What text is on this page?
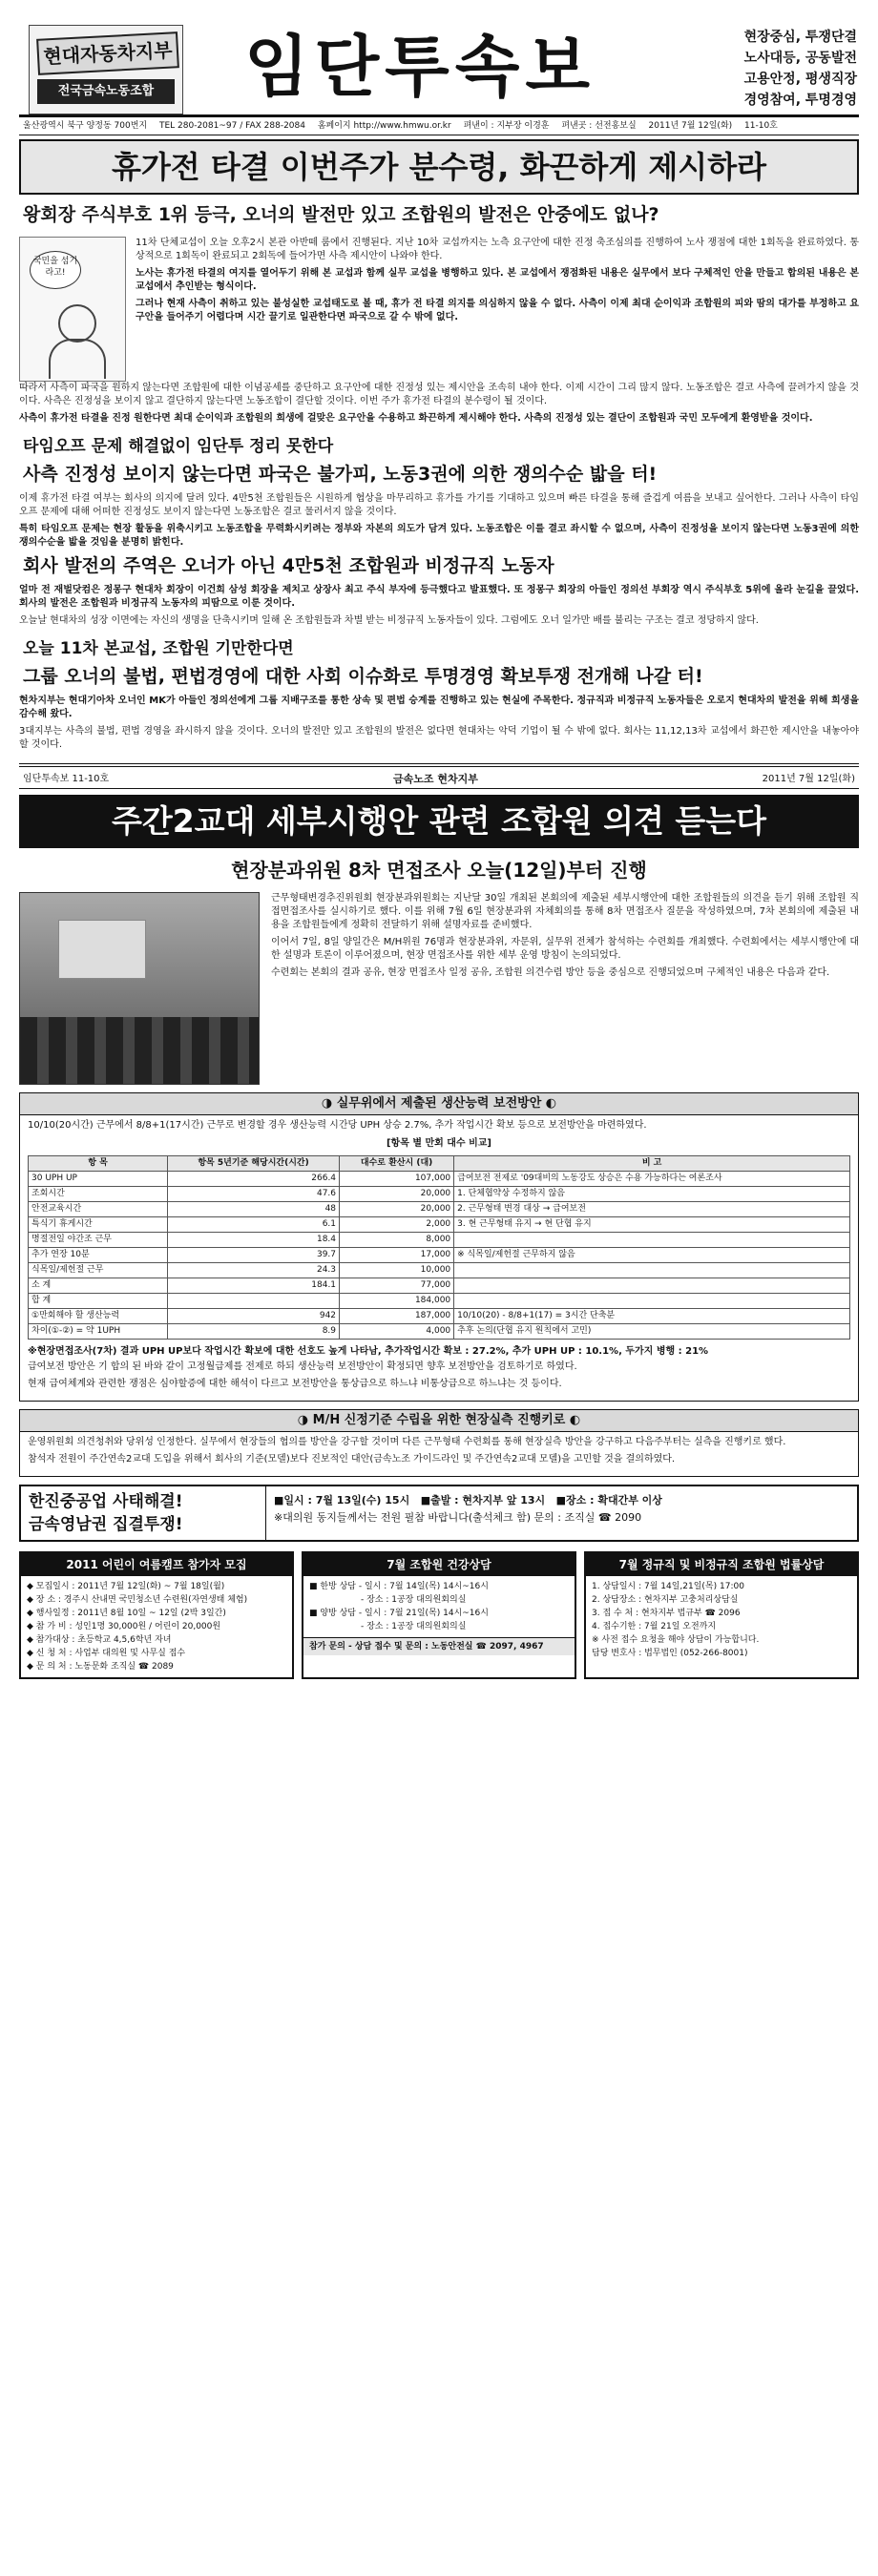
현대자동차지부
전국금속노동조합	임단투속보	현장중심, 투쟁단결
노사대등, 공동발전
고용안정, 평생직장
경영참여, 투명경영
울산광역시 북구 양정동 700번지 TEL 280-2081~97 / FAX 288-2084 홈페이지 http://www.hmwu.or.kr 펴낸이 : 지부장 이경훈 펴낸곳 : 선전홍보실 2011년 7월 12일(화) 11-10호
휴가전 타결 이번주가 분수령, 화끈하게 제시하라
왕회장 주식부호 1위 등극, 오너의 발전만 있고 조합원의 발전은 안중에도 없나?
국민을 섬기라고!

11차 단체교섭이 오늘 오후2시 본관 아반떼 룸에서 진행된다. 지난 10차 교섭까지는 노측 요구안에 대한 진정 축조심의를 진행하여 노사 쟁점에 대한 1회독을 완료하였다. 통상적으로 1회독이 완료되고 2회독에 들어가면 사측 제시안이 나와야 한다.

노사는 휴가전 타결의 여지를 열어두기 위해 본 교섭과 함께 실무 교섭을 병행하고 있다. 본 교섭에서 쟁점화된 내용은 실무에서 보다 구체적인 안을 만들고 합의된 내용은 본 교섭에서 추인받는 형식이다.

그러나 현재 사측이 취하고 있는 불성실한 교섭태도로 볼 때, 휴가 전 타결 의지를 의심하지 않을 수 없다. 사측이 이제 최대 순이익과 조합원의 피와 땀의 대가를 부정하고 요구안을 들어주기 어렵다며 시간 끌기로 일관한다면 파국으로 갈 수 밖에 없다.

따라서 사측이 파국을 원하지 않는다면 조합원에 대한 이념공세를 중단하고 요구안에 대한 진정성 있는 제시안을 조속히 내야 한다. 이제 시간이 그리 많지 않다. 노동조합은 결코 사측에 끌려가지 않을 것이다. 사측은 진정성을 보이지 않고 결단하지 않는다면 노동조합이 결단할 것이다. 이번 주가 휴가전 타결의 분수령이 될 것이다.

사측이 휴가전 타결을 진정 원한다면 최대 순이익과 조합원의 희생에 걸맞은 요구안을 수용하고 화끈하게 제시해야 한다. 사측의 진정성 있는 결단이 조합원과 국민 모두에게 환영받을 것이다.

타임오프 문제 해결없이 임단투 정리 못한다
사측 진정성 보이지 않는다면 파국은 불가피, 노동3권에 의한 쟁의수순 밟을 터!

이제 휴가전 타결 여부는 회사의 의지에 달려 있다. 4만5천 조합원들은 시원하게 협상을 마무리하고 휴가를 가기를 기대하고 있으며 빠른 타결을 통해 즐겁게 여름을 보내고 싶어한다. 그러나 사측이 타임오프 문제에 대해 어떠한 진정성도 보이지 않는다면 노동조합은 결코 물러서지 않을 것이다.

특히 타임오프 문제는 현장 활동을 위축시키고 노동조합을 무력화시키려는 정부와 자본의 의도가 담겨 있다. 노동조합은 이를 결코 좌시할 수 없으며, 사측이 진정성을 보이지 않는다면 노동3권에 의한 쟁의수순을 밟을 것임을 분명히 밝힌다.

회사 발전의 주역은 오너가 아닌 4만5천 조합원과 비정규직 노동자

얼마 전 재벌닷컴은 정몽구 현대차 회장이 이건희 삼성 회장을 제치고 상장사 최고 주식 부자에 등극했다고 발표했다. 또 정몽구 회장의 아들인 정의선 부회장 역시 주식부호 5위에 올라 눈길을 끌었다. 회사의 발전은 조합원과 비정규직 노동자의 피땀으로 이룬 것이다.

오늘날 현대차의 성장 이면에는 자신의 생명을 단축시키며 일해 온 조합원들과 차별 받는 비정규직 노동자들이 있다. 그럼에도 오너 일가만 배를 불리는 구조는 결코 정당하지 않다.

오늘 11차 본교섭, 조합원 기만한다면
그룹 오너의 불법, 편법경영에 대한 사회 이슈화로 투명경영 확보투쟁 전개해 나갈 터!

현차지부는 현대기아차 오너인 MK가 아들인 정의선에게 그룹 지배구조를 통한 상속 및 편법 승계를 진행하고 있는 현실에 주목한다. 정규직과 비정규직 노동자들은 오로지 현대차의 발전을 위해 희생을 감수해 왔다.

3대지부는 사측의 불법, 편법 경영을 좌시하지 않을 것이다. 오너의 발전만 있고 조합원의 발전은 없다면 현대차는 악덕 기업이 될 수 밖에 없다. 회사는 11,12,13차 교섭에서 화끈한 제시안을 내놓아야 할 것이다.

임단투속보 11-10호	금속노조 현차지부	2011년 7월 12일(화)
주간2교대 세부시행안 관련 조합원 의견 듣는다
현장분과위원 8차 면접조사 오늘(12일)부터 진행

근무형태변경추진위원회 현장분과위원회는 지난달 30일 개최된 본회의에 제출된 세부시행안에 대한 조합원들의 의견을 듣기 위해 조합원 직접면접조사를 실시하기로 했다. 이를 위해 7월 6일 현장분과위 자체회의를 통해 8차 면접조사 질문을 작성하였으며, 7차 본회의에 제출된 내용을 조합원들에게 정확히 전달하기 위해 설명자료를 준비했다.

이어서 7일, 8일 양일간은 M/H위원 76명과 현장분과위, 자문위, 실무위 전체가 참석하는 수련회를 개최했다. 수련회에서는 세부시행안에 대한 설명과 토론이 이루어졌으며, 현장 면접조사를 위한 세부 운영 방침이 논의되었다.

수련회는 본회의 결과 공유, 현장 면접조사 일정 공유, 조합원 의견수렴 방안 등을 중심으로 진행되었으며 구체적인 내용은 다음과 같다.

◑ 실무위에서 제출된 생산능력 보전방안 ◐

10/10(20시간) 근무에서 8/8+1(17시간) 근무로 변경할 경우 생산능력 시간당 UPH 상승 2.7%, 추가 작업시간 확보 등으로 보전방안을 마련하였다.

[항목 별 만회 대수 비교]
항 목	항목 5년기준 해당시간(시간)	대수로 환산시 (대)	비 고
30 UPH UP	266.4	107,000	급여보전 전제로 '09대비의 노동강도 상승은 수용 가능하다는 여론조사
조회시간	47.6	20,000	1. 단체협약상 수정하지 않음
안전교육시간	48	20,000	2. 근무형태 변경 대상 → 급여보전
특식기 휴게시간	6.1	2,000	3. 현 근무형태 유지 → 현 단협 유지
명절전일 야간조 근무	18.4	8,000	
추가 연장 10분	39.7	17,000	※ 식목일/제헌절 근무하지 않음
식목일/제헌절 근무	24.3	10,000	
소 계	184.1	77,000	
합 계		184,000	
①만회해야 할 생산능력	942	187,000	10/10(20) - 8/8+1(17) = 3시간 단축분
차이(①-②) = 약 1UPH	8.9	4,000	추후 논의(단협 유지 원칙에서 고민)
※현장면접조사(7차) 결과 UPH UP보다 작업시간 확보에 대한 선호도 높게 나타남, 추가작업시간 확보 : 27.2%, 추가 UPH UP : 10.1%, 두가지 병행 : 21%

급여보전 방안은 기 합의 된 바와 같이 고정월급제를 전제로 하되 생산능력 보전방안이 확정되면 향후 보전방안을 검토하기로 하였다.

현재 급여체계와 관련한 쟁점은 심야할증에 대한 해석이 다르고 보전방안을 통상급으로 하느냐 비통상급으로 하느냐는 것 등이다.

◑ M/H 신정기준 수립을 위한 현장실측 진행키로 ◐

운영위원회 의견청취와 당위성 인정한다. 실무에서 현장들의 협의를 방안을 강구할 것이며 다른 근무형태 수련회를 통해 현장실측 방안을 강구하고 다음주부터는 실측을 진행키로 했다.

참석자 전원이 주간연속2교대 도입을 위해서 회사의 기준(모델)보다 진보적인 대안(금속노조 가이드라인 및 주간연속2교대 모델)을 고민할 것을 결의하였다.

한진중공업 사태해결!
금속영남권 집결투쟁!
■일시 : 7월 13일(수) 15시 ■출발 : 현차지부 앞 13시 ■장소 : 확대간부 이상
※대의원 동지들께서는 전원 필참 바랍니다(출석체크 함) 문의 : 조직실 ☎ 2090
2011 어린이 여름캠프 참가자 모집
◆ 모집일시 : 2011년 7월 12일(화) ~ 7월 18일(월)
◆ 장 소 : 경주시 산내면 국민청소년 수련원(자연생태 체험)
◆ 행사일정 : 2011년 8월 10일 ~ 12일 (2박 3일간)
◆ 참 가 비 : 성인1명 30,000원 / 어린이 20,000원
◆ 참가대상 : 초등학교 4,5,6학년 자녀
◆ 신 청 처 : 사업부 대의원 및 사무실 접수
◆ 문 의 처 : 노동문화 조직실 ☎ 2089
7월 조합원 건강상담
■ 한방 상담 - 일시 : 7월 14일(목) 14시~16시
　　　　　　- 장소 : 1공장 대의원회의실
■ 양방 상담 - 일시 : 7월 21일(목) 14시~16시
　　　　　　- 장소 : 1공장 대의원회의실
참가 문의 - 상담 접수 및 문의 : 노동안전실 ☎ 2097, 4967
7월 정규직 및 비정규직 조합원 법률상담
1. 상담일시 : 7월 14일,21일(목) 17:00
2. 상담장소 : 현차지부 고충처리상담실
3. 접 수 처 : 현차지부 법규부 ☎ 2096
4. 접수기한 : 7월 21일 오전까지
※ 사전 접수 요청을 해야 상담이 가능합니다.
담당 변호사 : 법무법인 (052-266-8001)
